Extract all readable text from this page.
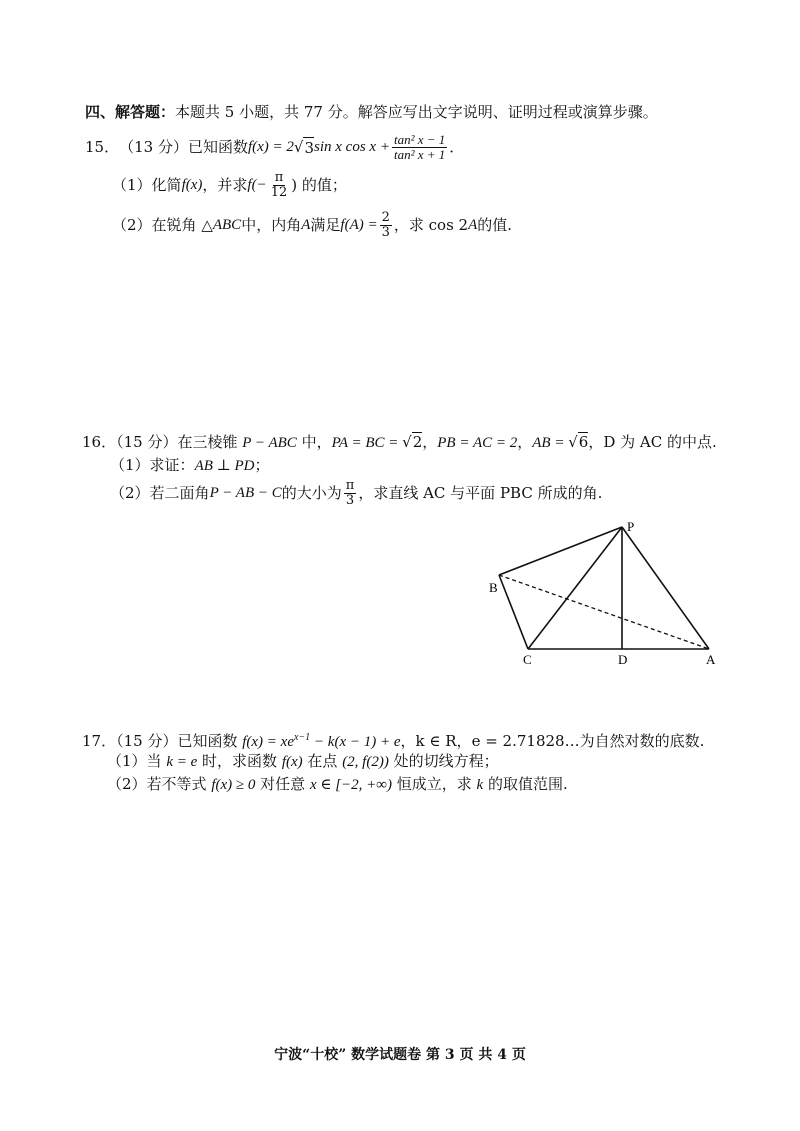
四、解答题：本题共 5 小题，共 77 分。解答应写出文字说明、证明过程或演算步骤。
15． （13 分） 已知函数 f(x) = 2 √ 3 sin x $\cos x + \frac{\text{tan² x − 1}}{\text{tan² x + 1}}$ ．
（1） 化简 f(x) ，并求 $f(- \frac{\pi}{12}$ ) 的值；
（2） 在锐角 △ ABC 中，内角 A 满足 $f(A) = \frac{2}{3}$ ，求 cos 2 A 的值.
16．（15 分）在三棱锥 P − ABC 中，PA = BC = √2，PB = AC = 2，AB = √6，D 为 AC 的中点.
（1）求证：AB ⊥ PD；
（2） 若二面角 P − AB − C 的大小为 $\frac{\pi}{3}$ ，求直线 AC 与平面 PBC 所成的角.
P
B
C	D	A
17．（15 分）已知函数 $f(x) = xe^{x-1} - k(x - 1) + e$，k ∈ R，e = 2.71828…为自然对数的底数.
（1）当 k = e 时，求函数 f(x) 在点 (2, f(2)) 处的切线方程；
（2）若不等式 f(x) ≥ 0 对任意 x ∈ [−2, +∞) 恒成立，求 k 的取值范围.
宁波“十校” 数学试题卷 第 3 页 共 4 页
